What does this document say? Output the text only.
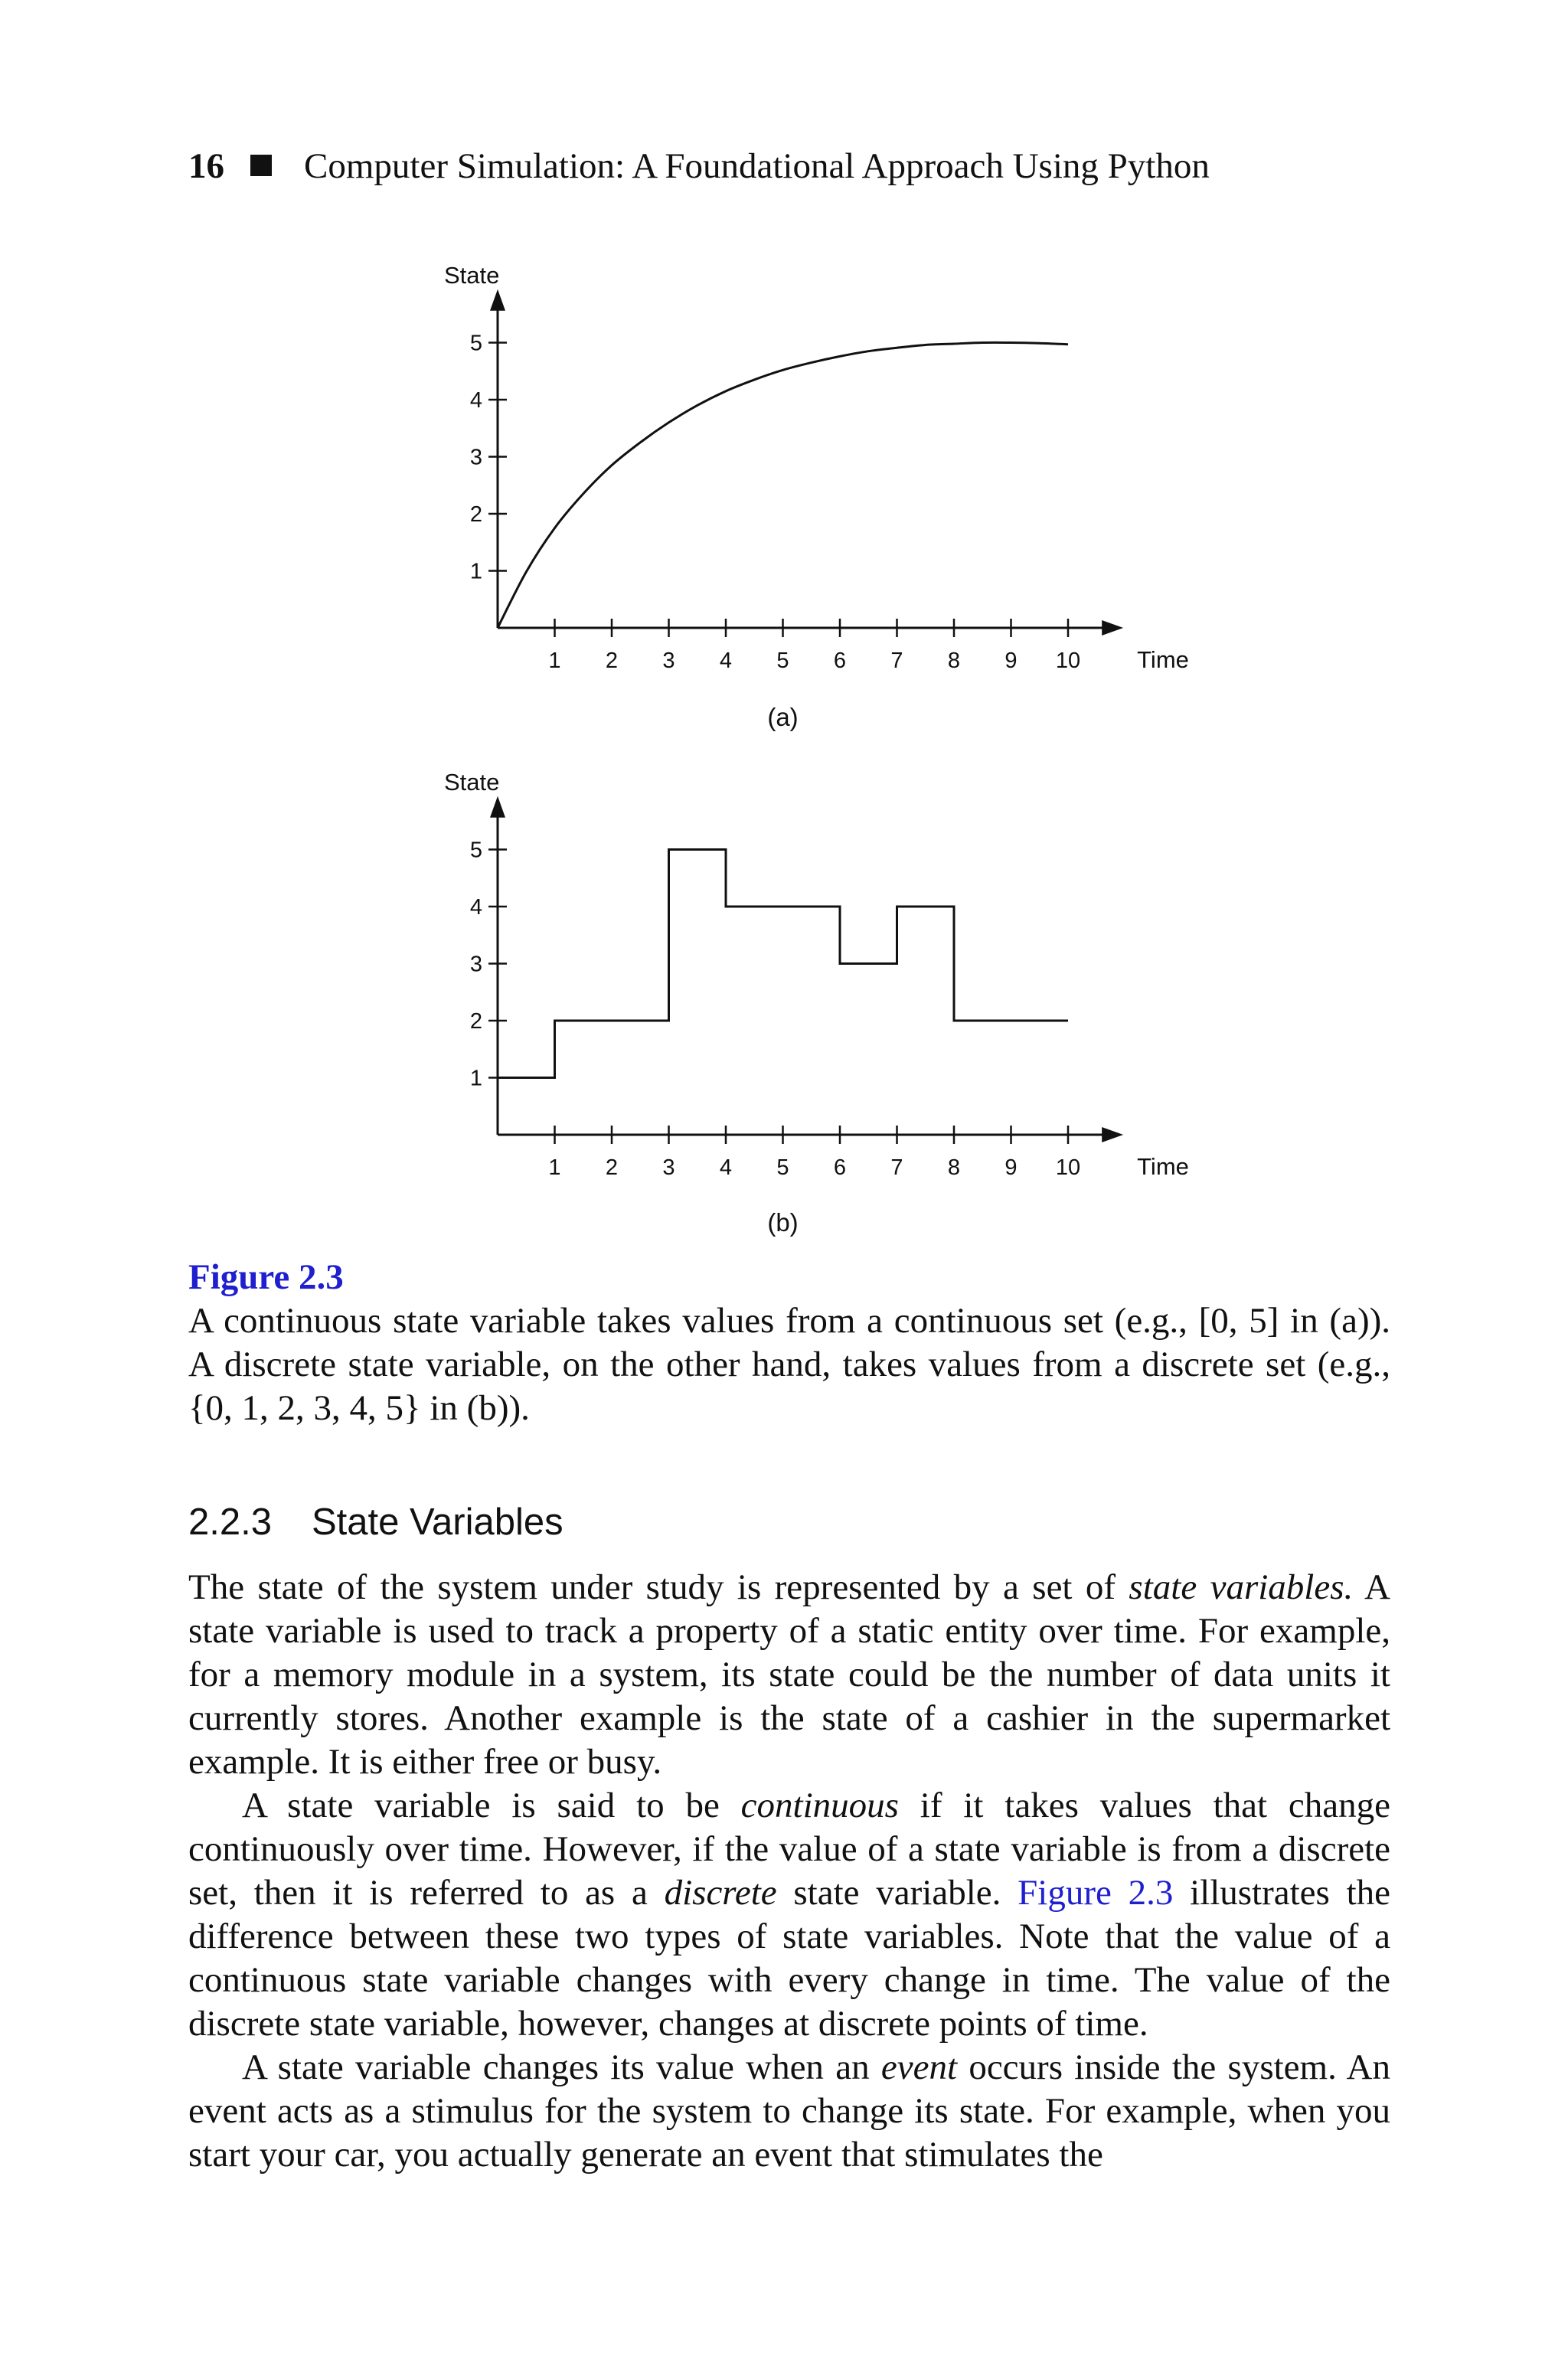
16 Computer Simulation: A Foundational Approach Using Python
1 2 3 4 5 6 7 8 9 10
1
2
3
4
5
Time
State
(a)
1 2 3 4 5 6 7 8 9 10
1
2
3
4
5
Time
State
(b)
Figure 2.3
A continuous state variable takes values from a continuous set (e.g., [0, 5] in (a)). A discrete state variable, on the other hand, takes values from a discrete set (e.g., {0, 1, 2, 3, 4, 5} in (b)).
2.2.3 State Variables

The state of the system under study is represented by a set of state variables. A state variable is used to track a property of a static entity over time. For example, for a memory module in a system, its state could be the number of data units it currently stores. Another example is the state of a cashier in the supermarket example. It is either free or busy.

A state variable is said to be continuous if it takes values that change continuously over time. However, if the value of a state variable is from a discrete set, then it is referred to as a discrete state variable. Figure 2.3 illustrates the difference between these two types of state variables. Note that the value of a continuous state variable changes with every change in time. The value of the discrete state variable, however, changes at discrete points of time.

A state variable changes its value when an event occurs inside the system. An event acts as a stimulus for the system to change its state. For example, when you start your car, you actually generate an event that stimulates the
